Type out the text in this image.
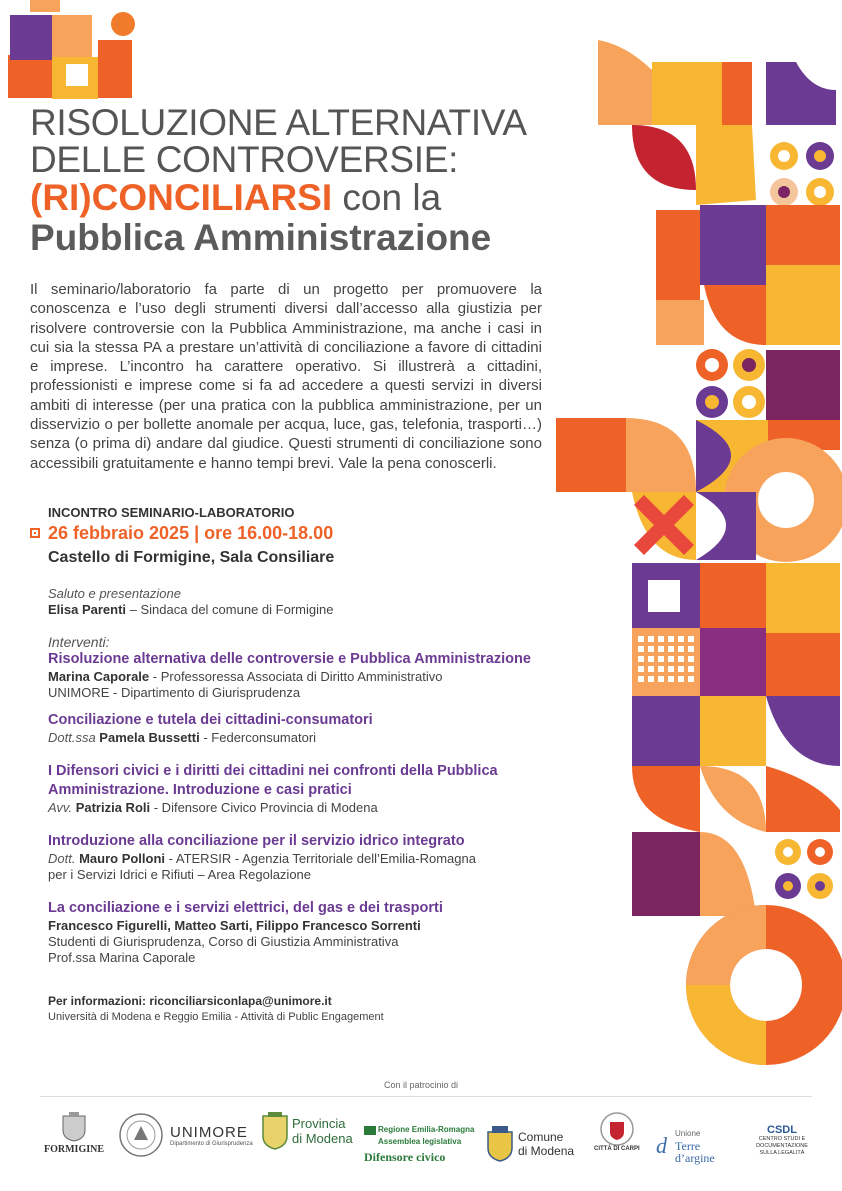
RISOLUZIONE ALTERNATIVA
DELLE CONTROVERSIE:
(RI)CONCILIARSI con la
Pubblica Amministrazione
Il seminario/laboratorio fa parte di un progetto per promuovere la conoscenza e l’uso degli strumenti diversi dall’accesso alla giustizia per risolvere controversie con la Pubblica Amministrazione, ma anche i casi in cui sia la stessa PA a prestare un’attività di conciliazione a favore di cittadini e imprese. L’incontro ha carattere operativo. Si illustrerà a cittadini, professionisti e imprese come si fa ad accedere a questi servizi in diversi ambiti di interesse (per una pratica con la pubblica amministrazione, per un disservizio o per bollette anomale per acqua, luce, gas, telefonia, trasporti…) senza (o prima di) andare dal giudice. Questi strumenti di conciliazione sono accessibili gratuitamente e hanno tempi brevi. Vale la pena conoscerli.
INCONTRO SEMINARIO-LABORATORIO
26 febbraio 2025 | ore 16.00-18.00
Castello di Formigine, Sala Consiliare
Saluto e presentazione
Elisa Parenti – Sindaca del comune di Formigine
Interventi:
Risoluzione alternativa delle controversie e Pubblica Amministrazione
Marina Caporale - Professoressa Associata di Diritto Amministrativo
UNIMORE - Dipartimento di Giurisprudenza
Conciliazione e tutela dei cittadini-consumatori
Dott.ssa Pamela Bussetti - Federconsumatori
I Difensori civici e i diritti dei cittadini nei confronti della Pubblica
Amministrazione. Introduzione e casi pratici
Avv. Patrizia Roli - Difensore Civico Provincia di Modena
Introduzione alla conciliazione per il servizio idrico integrato
Dott. Mauro Polloni - ATERSIR - Agenzia Territoriale dell’Emilia-Romagna
per i Servizi Idrici e Rifiuti – Area Regolazione
La conciliazione e i servizi elettrici, del gas e dei trasporti
Francesco Figurelli, Matteo Sarti, Filippo Francesco Sorrenti
Studenti di Giurisprudenza, Corso di Giustizia Amministrativa
Prof.ssa Marina Caporale
Per informazioni: riconciliarsiconlapa@unimore.it
Università di Modena e Reggio Emilia - Attività di Public Engagement
Con il patrocinio di
FORMIGINE
UNIMORE
Dipartimento di Giurisprudenza
Provincia
di Modena
Regione Emilia-Romagna
Assemblea legislativa
Difensore civico
Comune
di Modena	CITTÀ DI CARPI d Unione
Terre
d’argine
CSDL
CENTRO STUDI E DOCUMENTAZIONE SULLA LEGALITÀ
